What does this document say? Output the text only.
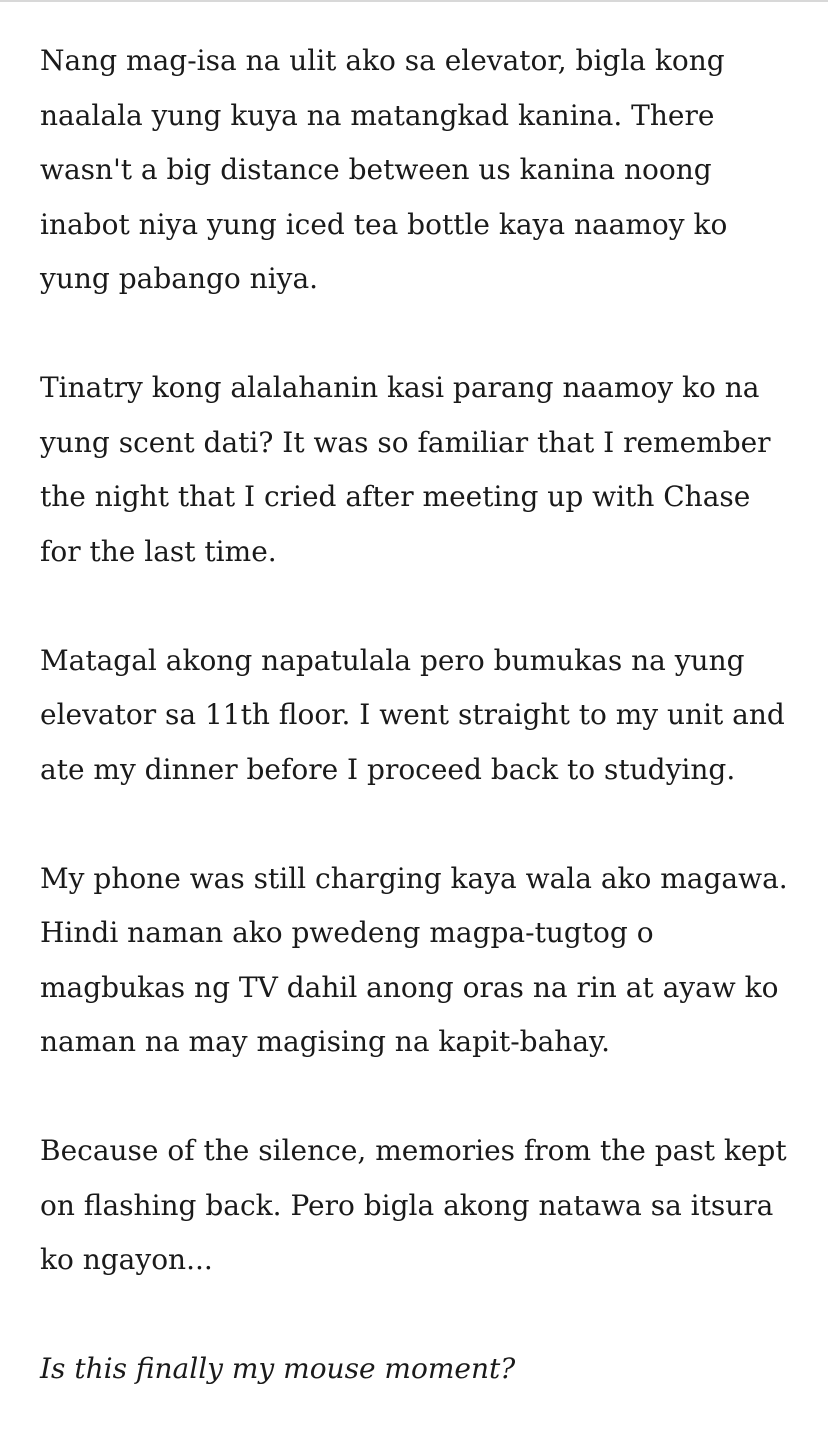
Nang mag-isa na ulit ako sa elevator, bigla kong naalala yung kuya na matangkad kanina. There wasn't a big distance between us kanina noong inabot niya yung iced tea bottle kaya naamoy ko yung pabango niya.

Tinatry kong alalahanin kasi parang naamoy ko na yung scent dati? It was so familiar that I remember the night that I cried after meeting up with Chase for the last time.

Matagal akong napatulala pero bumukas na yung elevator sa 11th floor. I went straight to my unit and ate my dinner before I proceed back to studying.

My phone was still charging kaya wala ako magawa. Hindi naman ako pwedeng magpa-tugtog o magbukas ng TV dahil anong oras na rin at ayaw ko naman na may magising na kapit-bahay.

Because of the silence, memories from the past kept on flashing back. Pero bigla akong natawa sa itsura ko ngayon...

Is this finally my mouse moment?
